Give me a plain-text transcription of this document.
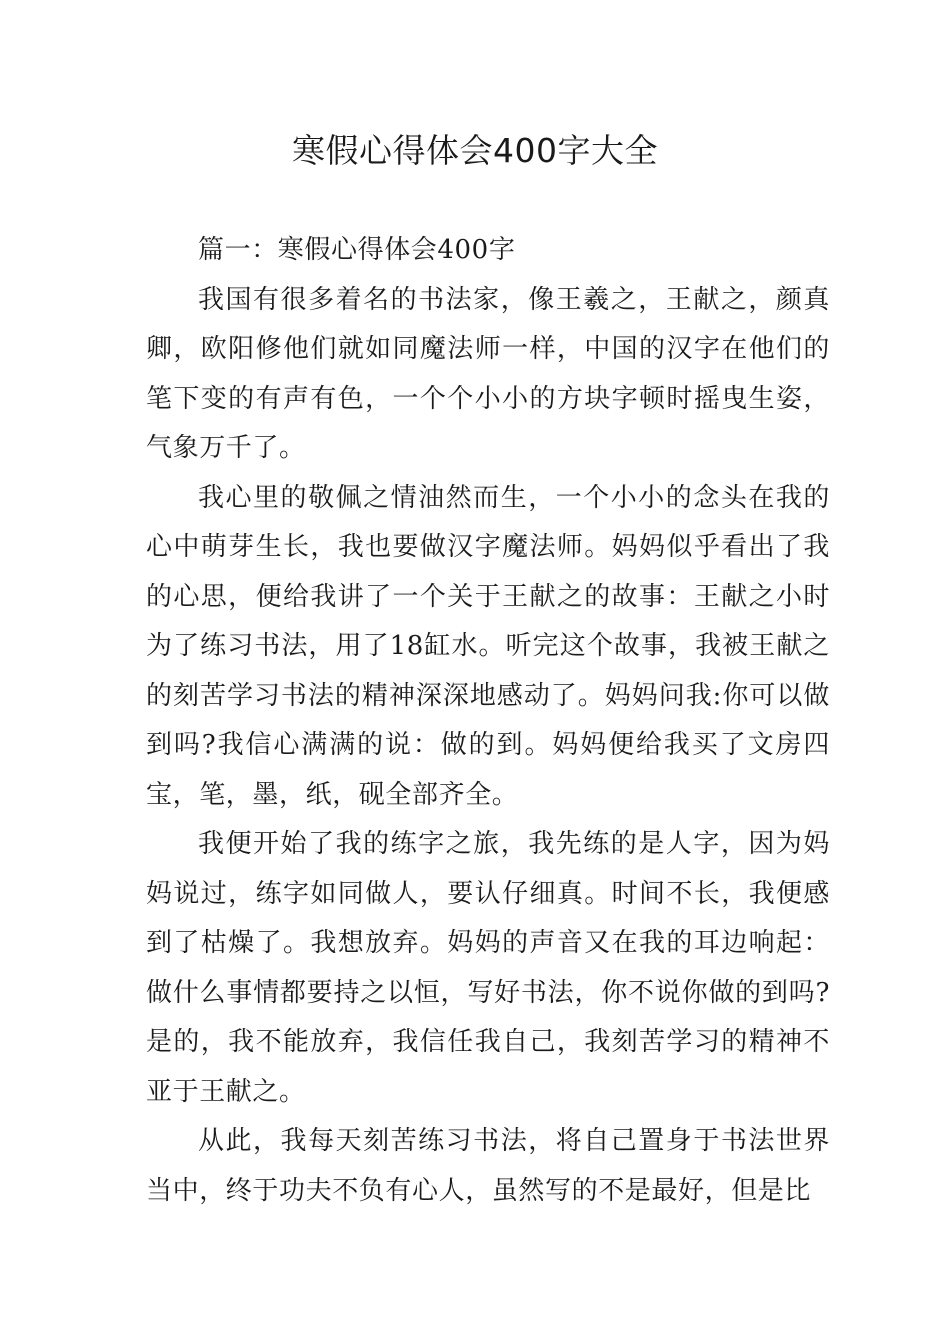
寒假心得体会400字大全

篇一：寒假心得体会400字

我国有很多着名的书法家，像王羲之，王献之，颜真卿，欧阳修他们就如同魔法师一样，中国的汉字在他们的笔下变的有声有色，一个个小小的方块字顿时摇曳生姿，气象万千了。

我心里的敬佩之情油然而生，一个小小的念头在我的心中萌芽生长，我也要做汉字魔法师。妈妈似乎看出了我的心思，便给我讲了一个关于王献之的故事：王献之小时为了练习书法，用了18缸水。听完这个故事，我被王献之的刻苦学习书法的精神深深地感动了。妈妈问我:你可以做到吗?我信心满满的说：做的到。妈妈便给我买了文房四宝，笔，墨，纸，砚全部齐全。

我便开始了我的练字之旅，我先练的是人字，因为妈妈说过，练字如同做人，要认仔细真。时间不长，我便感到了枯燥了。我想放弃。妈妈的声音又在我的耳边响起：做什么事情都要持之以恒，写好书法，你不说你做的到吗?是的，我不能放弃，我信任我自己，我刻苦学习的精神不亚于王献之。

从此，我每天刻苦练习书法，将自己置身于书法世界当中，终于功夫不负有心人，虽然写的不是最好，但是比
